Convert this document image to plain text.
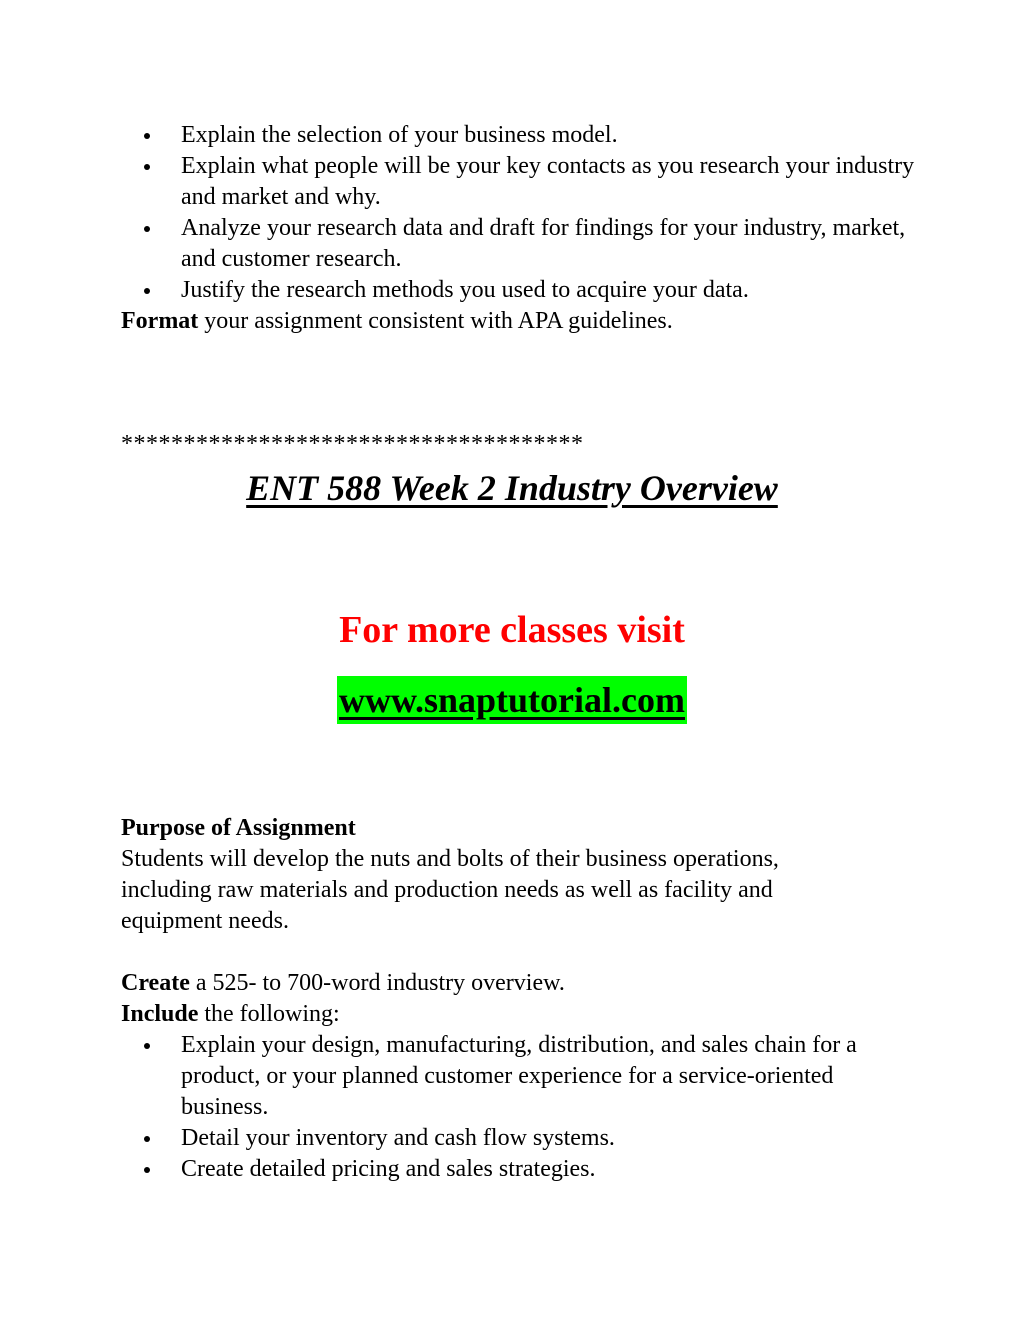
Explain the selection of your business model.
Explain what people will be your key contacts as you research your industry and market and why.
Analyze your research data and draft for findings for your industry, market, and customer research.
Justify the research methods you used to acquire your data.
Format your assignment consistent with APA guidelines.
*************************************
ENT 588 Week 2 Industry Overview
For more classes visit
www.snaptutorial.com
Purpose of Assignment
Students will develop the nuts and bolts of their business operations,
including raw materials and production needs as well as facility and
equipment needs.
Create a 525- to 700-word industry overview.
Include the following:
Explain your design, manufacturing, distribution, and sales chain for a product, or your planned customer experience for a service-oriented business.
Detail your inventory and cash flow systems.
Create detailed pricing and sales strategies.
